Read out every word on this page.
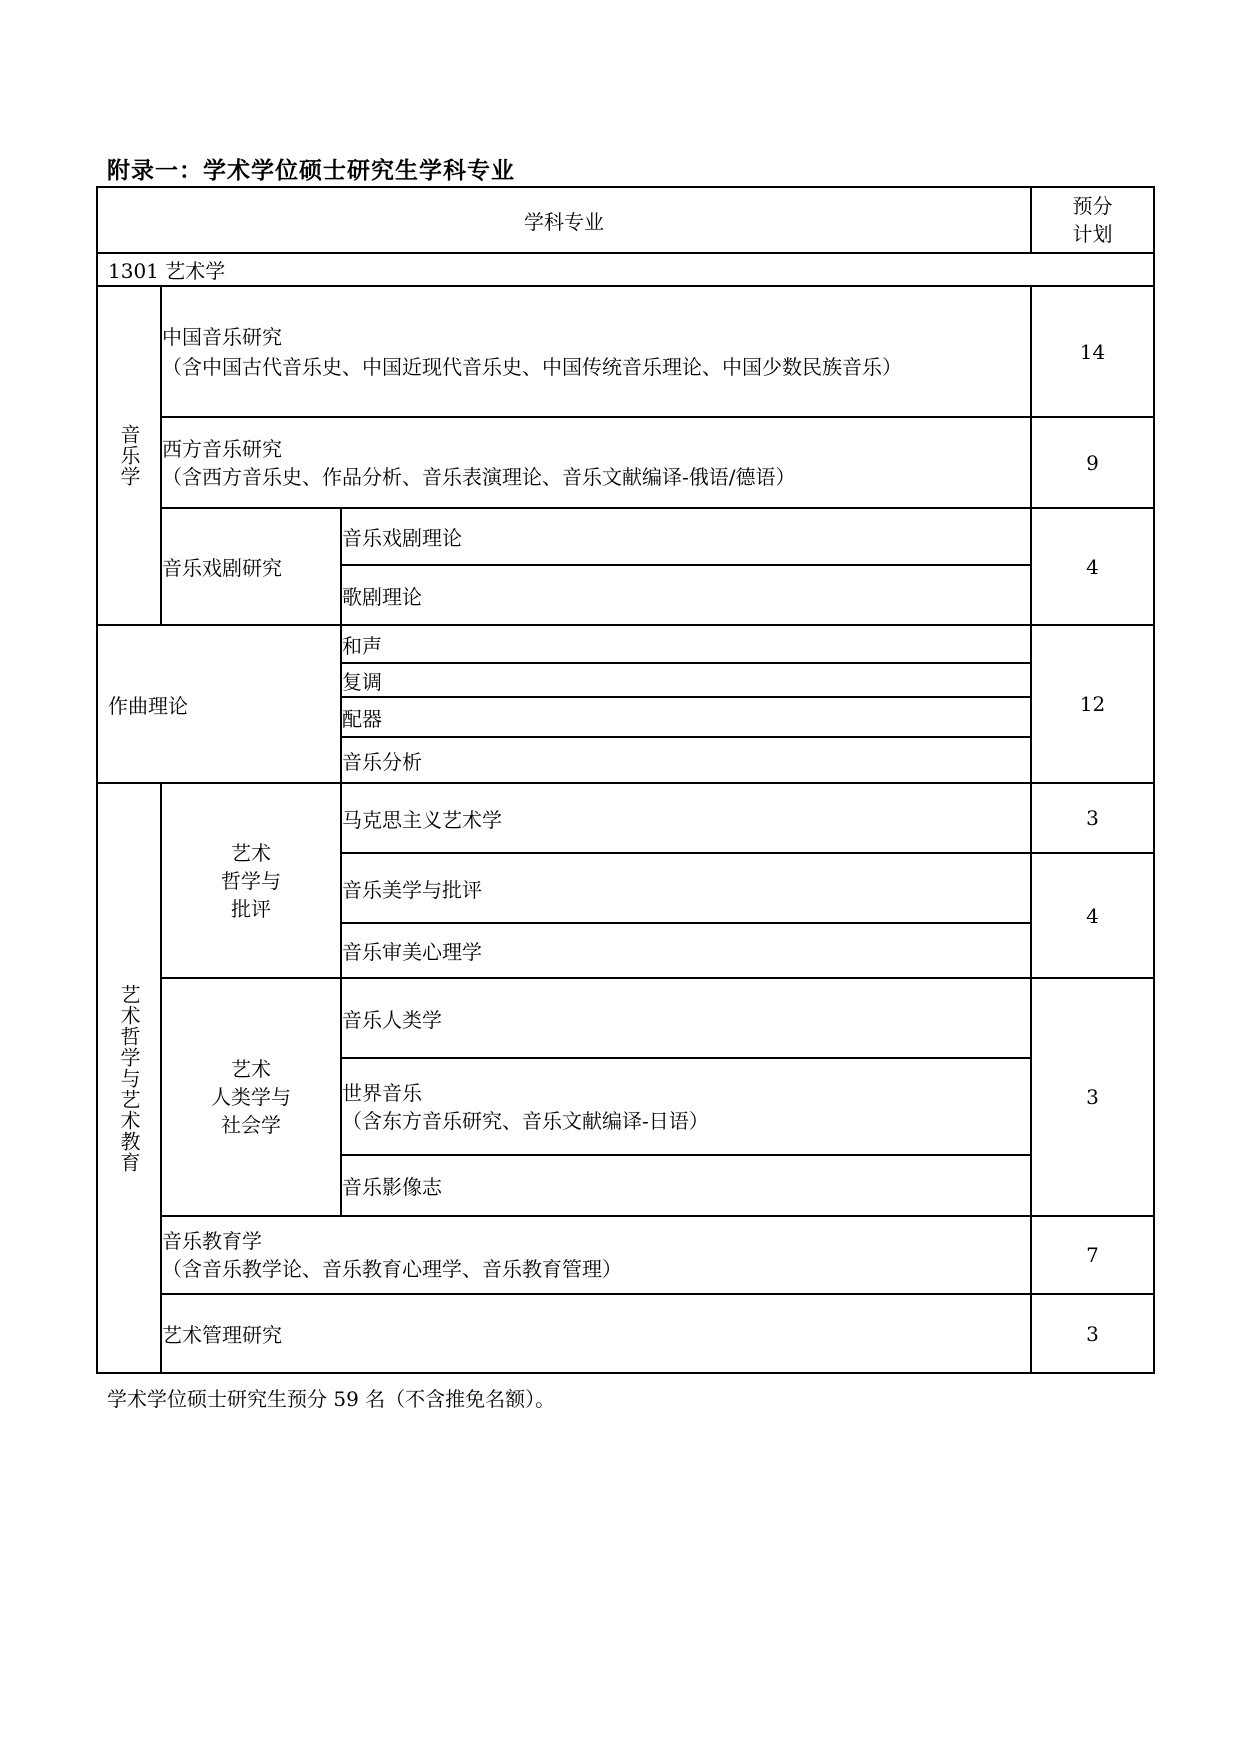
附录一：学术学位硕士研究生学科专业
学科专业			预分
计划

1301 艺术学			

音乐学	中国音乐研究
（含中国古代音乐史、中国近现代音乐史、中国传统音乐理论、中国少数民族音乐）		14

	西方音乐研究
（含西方音乐史、作品分析、音乐表演理论、音乐文献编译-俄语/德语）		9
	音乐戏剧研究	音乐戏剧理论	4
		歌剧理论	
作曲理论		和声	12
		复调	
		配器	
		音乐分析	

艺术哲学与艺术教育	艺术
哲学与
批评	马克思主义艺术学	3
		音乐美学与批评	4
		音乐审美心理学	

	艺术
人类学与
社会学	音乐人类学	3

		世界音乐
（含东方音乐研究、音乐文献编译-日语）	

		音乐影像志	

	音乐教育学
（含音乐教学论、音乐教育心理学、音乐教育管理）		7
	艺术管理研究		3
学术学位硕士研究生预分 59 名（不含推免名额）。
